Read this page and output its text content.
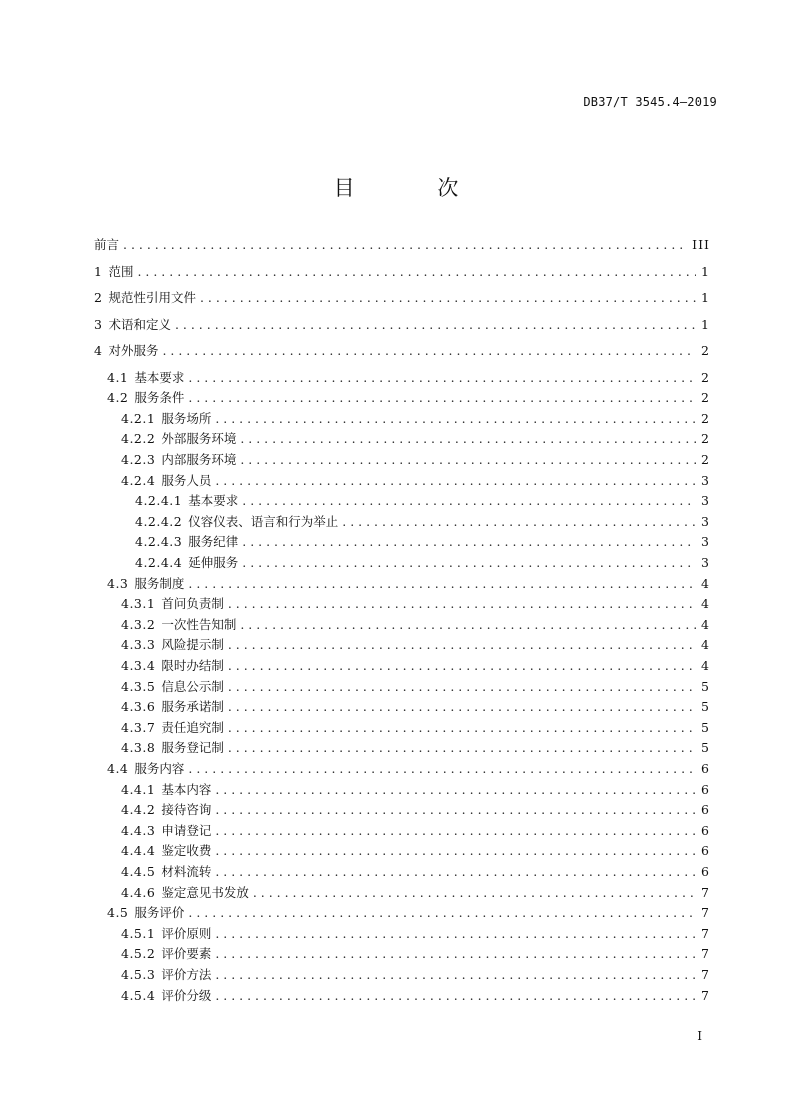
DB37/T 3545.4—2019
目 次
前言 . . .	III
1 范围 . . .	1
2 规范性引用文件 . . .	1
3 术语和定义 . . .	1
4 对外服务 . . .	2
4.1 基本要求 . . .	2
4.2 服务条件 . . .	2
4.2.1 服务场所 . . .	2
4.2.2 外部服务环境 . . .	2
4.2.3 内部服务环境 . . .	2
4.2.4 服务人员 . . .	3
4.2.4.1 基本要求 . . .	3
4.2.4.2 仪容仪表、语言和行为举止 . . .	3
4.2.4.3 服务纪律 . . .	3
4.2.4.4 延伸服务 . . .	3
4.3 服务制度 . . .	4
4.3.1 首问负责制 . . .	4
4.3.2 一次性告知制 . . .	4
4.3.3 风险提示制 . . .	4
4.3.4 限时办结制 . . .	4
4.3.5 信息公示制 . . .	5
4.3.6 服务承诺制 . . .	5
4.3.7 责任追究制 . . .	5
4.3.8 服务登记制 . . .	5
4.4 服务内容 . . .	6
4.4.1 基本内容 . . .	6
4.4.2 接待咨询 . . .	6
4.4.3 申请登记 . . .	6
4.4.4 鉴定收费 . . .	6
4.4.5 材料流转 . . .	6
4.4.6 鉴定意见书发放 . . .	7
4.5 服务评价 . . .	7
4.5.1 评价原则 . . .	7
4.5.2 评价要素 . . .	7
4.5.3 评价方法 . . .	7
4.5.4 评价分级 . . .	7
I
